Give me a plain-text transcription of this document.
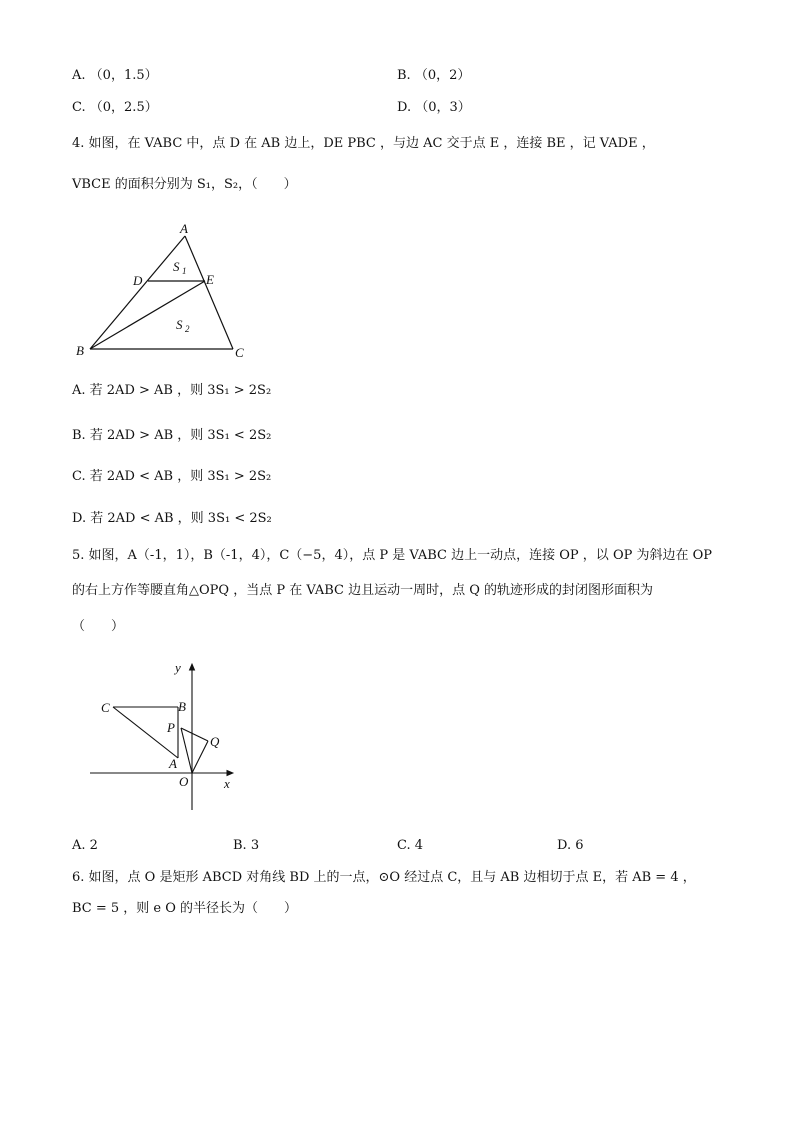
A. （0，1.5）	B. （0，2）
C. （0，2.5）	D. （0，3）
4. 如图，在 VABC 中，点 D 在 AB 边上，DE PBC ，与边 AC 交于点 E ，连接 BE ，记 VADE ，
VBCE 的面积分别为 S₁，S₂，（　　）
A
D	E
B	C
S 1
S 2
A. 若 2AD > AB ，则 3S₁ > 2S₂
B. 若 2AD > AB ，则 3S₁ < 2S₂
C. 若 2AD < AB ，则 3S₁ > 2S₂
D. 若 2AD < AB ，则 3S₁ < 2S₂
5. 如图，A（-1，1），B（-1，4），C（−5，4），点 P 是 VABC 边上一动点，连接 OP ，以 OP 为斜边在 OP
的右上方作等腰直角△OPQ ，当点 P 在 VABC 边且运动一周时，点 Q 的轨迹形成的封闭图形面积为
（　　）
y
x
C	B
P
Q
A
O
A. 2	B. 3	C. 4	D. 6
6. 如图，点 O 是矩形 ABCD 对角线 BD 上的一点，⊙O 经过点 C，且与 AB 边相切于点 E，若 AB = 4 ，
BC = 5 ，则 e O 的半径长为（　　）
